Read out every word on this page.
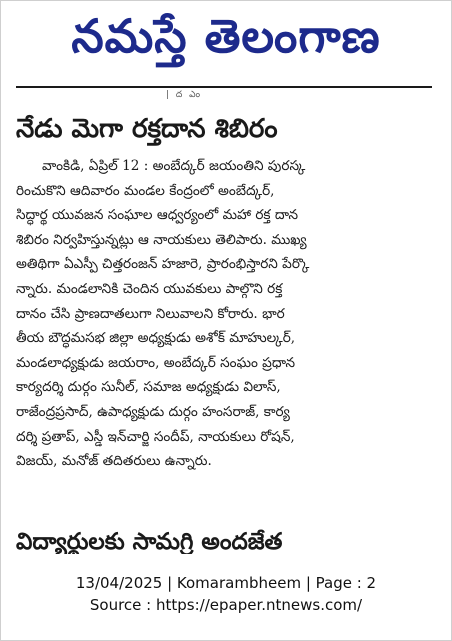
నమస్తే తెలంగాణ
| ద ఎం
నేడు మెగా రక్తదాన శిబిరం
వాంకిడి, ఏప్రిల్ 12 : అంబేద్కర్ జయంతిని పురస్క
రించుకొని ఆదివారం మండల కేంద్రంలో అంబేద్కర్,
సిద్ధార్థ యువజన సంఘాల ఆధ్వర్యంలో మహా రక్త దాన
శిబిరం నిర్వహిస్తున్నట్లు ఆ నాయకులు తెలిపారు. ముఖ్య
అతిథిగా ఏఎస్పీ చిత్తరంజన్ హజారె, ప్రారంభిస్తారని పేర్కొ
న్నారు. మండలానికి చెందిన యువకులు పాల్గొని రక్త
దానం చేసి ప్రాణదాతలుగా నిలువాలని కోరారు. భార
తీయ బౌద్ధమసభ జిల్లా అధ్యక్షుడు అశోక్ మాహుల్కర్,
మండలాధ్యక్షుడు జయరాం, అంబేద్కర్ సంఘం ప్రధాన
కార్యదర్శి దుర్గం సునీల్, సమాజ అధ్యక్షుడు విలాస్,
రాజేంద్రప్రసాద్, ఉపాధ్యక్షుడు దుర్గం హంసరాజ్, కార్య
దర్శి ప్రతాప్, ఎస్డీ ఇన్‌చార్జి సందీప్, నాయకులు రోషన్,
విజయ్, మనోజ్ తదితరులు ఉన్నారు.
విద్యార్థులకు సామగ్రి అందజేత
13/04/2025 | Komarambheem | Page : 2
Source : https://epaper.ntnews.com/
